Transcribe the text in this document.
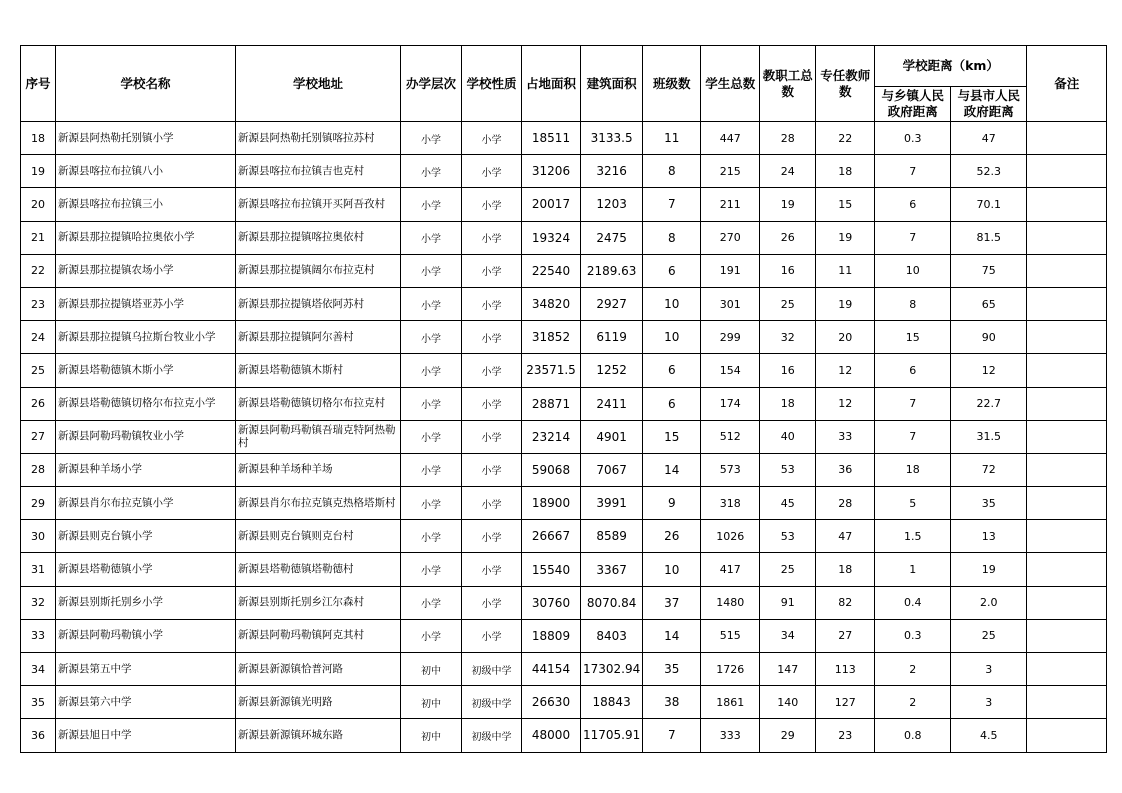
序号	学校名称	学校地址	办学层次	学校性质	占地面积	建筑面积	班级数	学生总数	教职工总数	专任教师数	学校距离（km）		备注
											与乡镇人民政府距离	与县市人民政府距离	
18	新源县阿热勒托别镇小学	新源县阿热勒托别镇喀拉苏村	小学	小学	18511	3133.5	11	447	28	22	0.3	47	
19	新源县喀拉布拉镇八小	新源县喀拉布拉镇吉也克村	小学	小学	31206	3216	8	215	24	18	7	52.3	
20	新源县喀拉布拉镇三小	新源县喀拉布拉镇开买阿吾孜村	小学	小学	20017	1203	7	211	19	15	6	70.1	
21	新源县那拉提镇哈拉奥依小学	新源县那拉提镇喀拉奥依村	小学	小学	19324	2475	8	270	26	19	7	81.5	
22	新源县那拉提镇农场小学	新源县那拉提镇阔尔布拉克村	小学	小学	22540	2189.63	6	191	16	11	10	75	
23	新源县那拉提镇塔亚苏小学	新源县那拉提镇塔依阿苏村	小学	小学	34820	2927	10	301	25	19	8	65	
24	新源县那拉提镇乌拉斯台牧业小学	新源县那拉提镇阿尔善村	小学	小学	31852	6119	10	299	32	20	15	90	
25	新源县塔勒德镇木斯小学	新源县塔勒德镇木斯村	小学	小学	23571.5	1252	6	154	16	12	6	12	
26	新源县塔勒德镇切格尔布拉克小学	新源县塔勒德镇切格尔布拉克村	小学	小学	28871	2411	6	174	18	12	7	22.7	
27	新源县阿勒玛勒镇牧业小学	新源县阿勒玛勒镇吾瑞克特阿热勒村	小学	小学	23214	4901	15	512	40	33	7	31.5	
28	新源县种羊场小学	新源县种羊场种羊场	小学	小学	59068	7067	14	573	53	36	18	72	
29	新源县肖尔布拉克镇小学	新源县肖尔布拉克镇克热格塔斯村	小学	小学	18900	3991	9	318	45	28	5	35	
30	新源县则克台镇小学	新源县则克台镇则克台村	小学	小学	26667	8589	26	1026	53	47	1.5	13	
31	新源县塔勒德镇小学	新源县塔勒德镇塔勒德村	小学	小学	15540	3367	10	417	25	18	1	19	
32	新源县别斯托别乡小学	新源县别斯托别乡江尔森村	小学	小学	30760	8070.84	37	1480	91	82	0.4	2.0	
33	新源县阿勒玛勒镇小学	新源县阿勒玛勒镇阿克其村	小学	小学	18809	8403	14	515	34	27	0.3	25	
34	新源县第五中学	新源县新源镇恰普河路	初中	初级中学	44154	17302.94	35	1726	147	113	2	3	
35	新源县第六中学	新源县新源镇光明路	初中	初级中学	26630	18843	38	1861	140	127	2	3	
36	新源县旭日中学	新源县新源镇环城东路	初中	初级中学	48000	11705.91	7	333	29	23	0.8	4.5	
